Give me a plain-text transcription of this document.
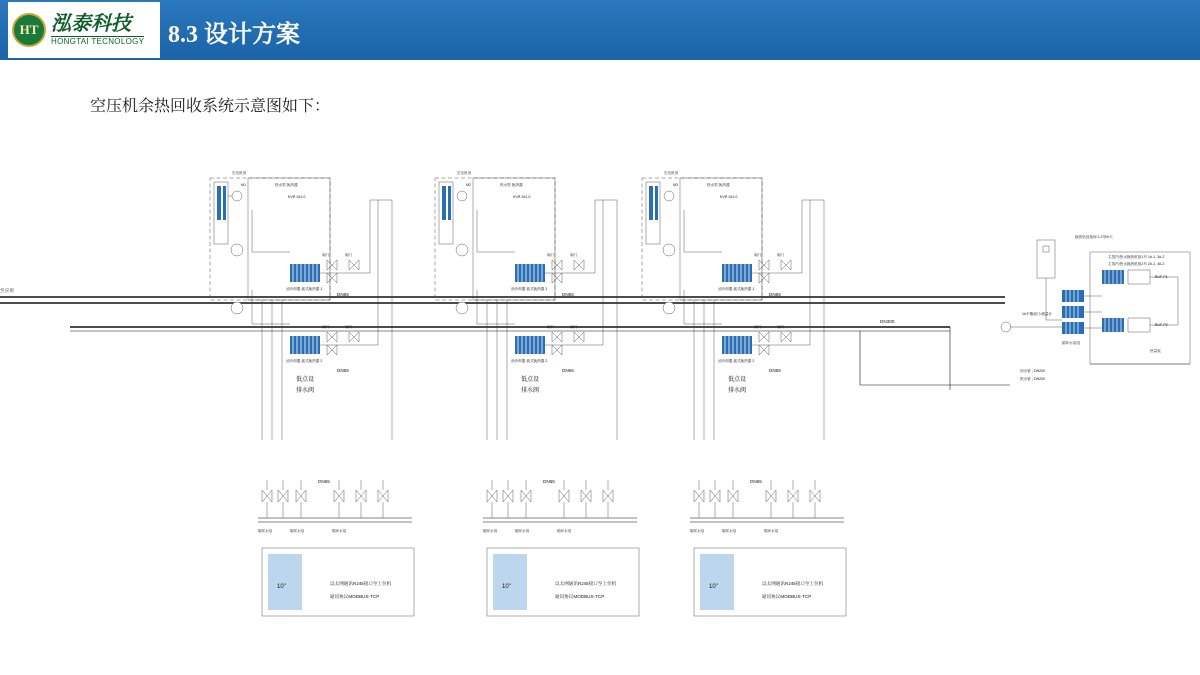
HT 泓泰科技
HONGTAI TECNOLOGY 8.3 设计方案
空压机余热回收系统示意图如下：
至应用
DN300
空压机房
M1	热水型 换热器
KVR 2#1.0
油冷却器 板式换热器 1
油冷却器 板式换热器 2
阀门	阀门
阀门	阀门
DN65
DN65
低点设
排水阀
DN65
循环水泵	循环水泵	循环水泵
10"
以太网通讯RJ45接口至上位机
通讯协议MODBUS-TCP
空压机房
M2	热水型 换热器
KVR 2#1.0
油冷却器 板式换热器 1
油冷却器 板式换热器 2
阀门	阀门
阀门	阀门
DN65
DN65
低点设
排水阀
DN65
循环水泵	循环水泵	循环水泵
10"
以太网通讯RJ45接口至上位机
通讯协议MODBUS-TCP
空压机房
M3	热水型 换热器
KVR 2#1.0
油冷却器 板式换热器 1
油冷却器 板式换热器 2
阀门	阀门
阀门	阀门
DN65
DN65
低点设
排水阀
DN65
循环水泵	循环水泵	循环水泵
10"
以太网通讯RJ45接口至上位机
通讯协议MODBUS-TCP
换热站设备间 1.2甲#/天
1#平衡阀门/流量计
主蒸汽/热水换热机组1号 1#-1, 3#-2
主蒸汽/热水换热机组2号 2#-1, 4#-2
BUF-P1
BUF-P2
循环水泵组
回水管 - DN200
供水管 - DN200
热量表
